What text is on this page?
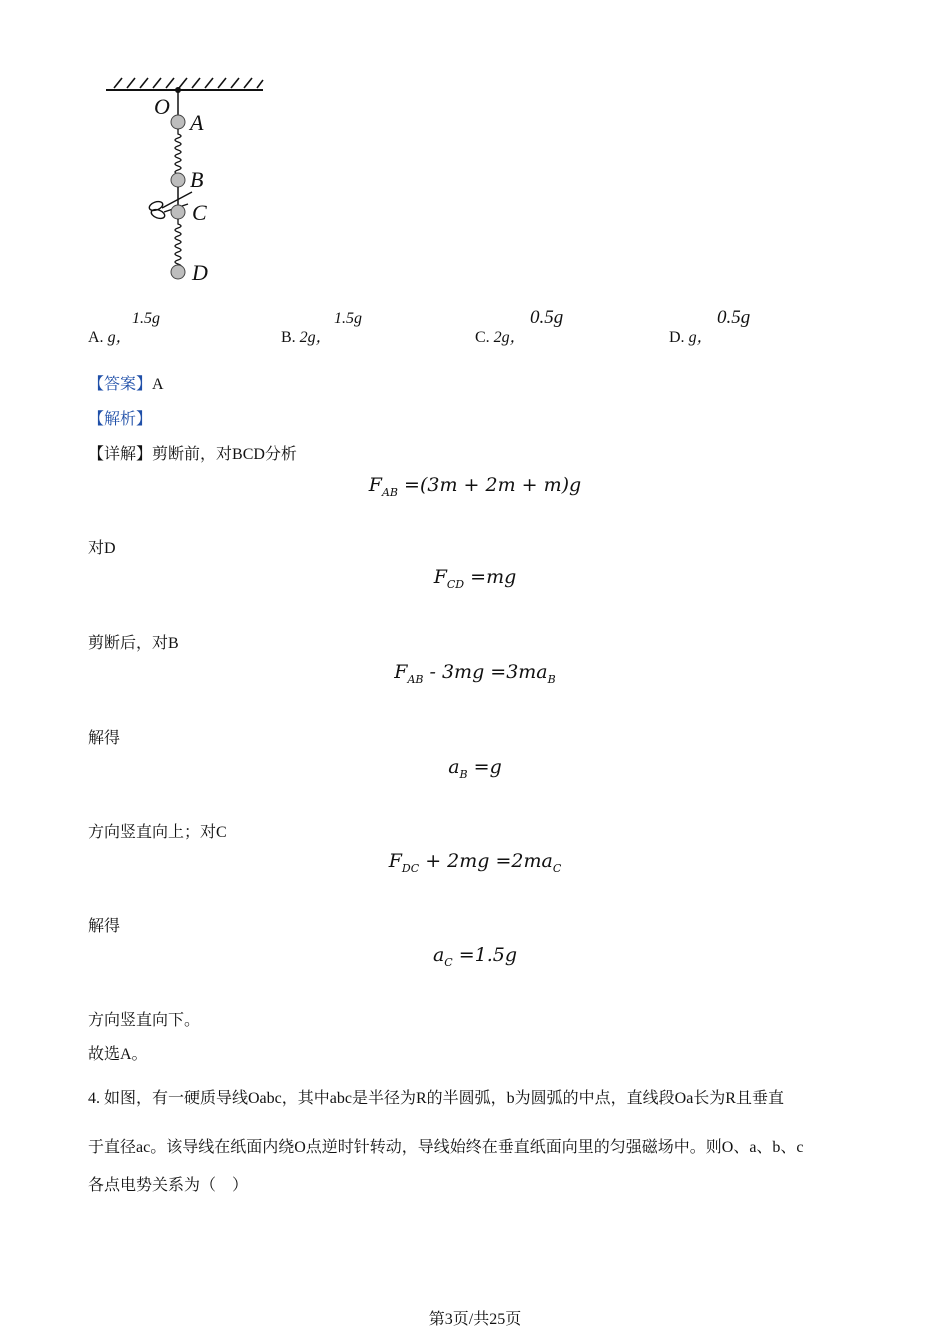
O
A
B
C
D
A. g，
1.5g
B. 2g，
1.5g
C. 2g，
0.5g
D. g，
0.5g
【答案】A
【解析】
【详解】剪断前，对BCD分析
$F_{AB} =(3m + 2m + m)g$
对D
$F_{CD} =mg$
剪断后，对B
$F_{AB} - 3mg =3ma_B$
解得
$a_B =g$
方向竖直向上；对C
$F_{DC} + 2mg =2ma_C$
解得
$a_C =1.5g$
方向竖直向下。
故选A。
4. 如图，有一硬质导线Oabc，其中abc是半径为R的半圆弧，b为圆弧的中点，直线段Oa长为R且垂直
于直径ac。该导线在纸面内绕O点逆时针转动，导线始终在垂直纸面向里的匀强磁场中。则O、a、b、c
各点电势关系为（　）
第3页/共25页
